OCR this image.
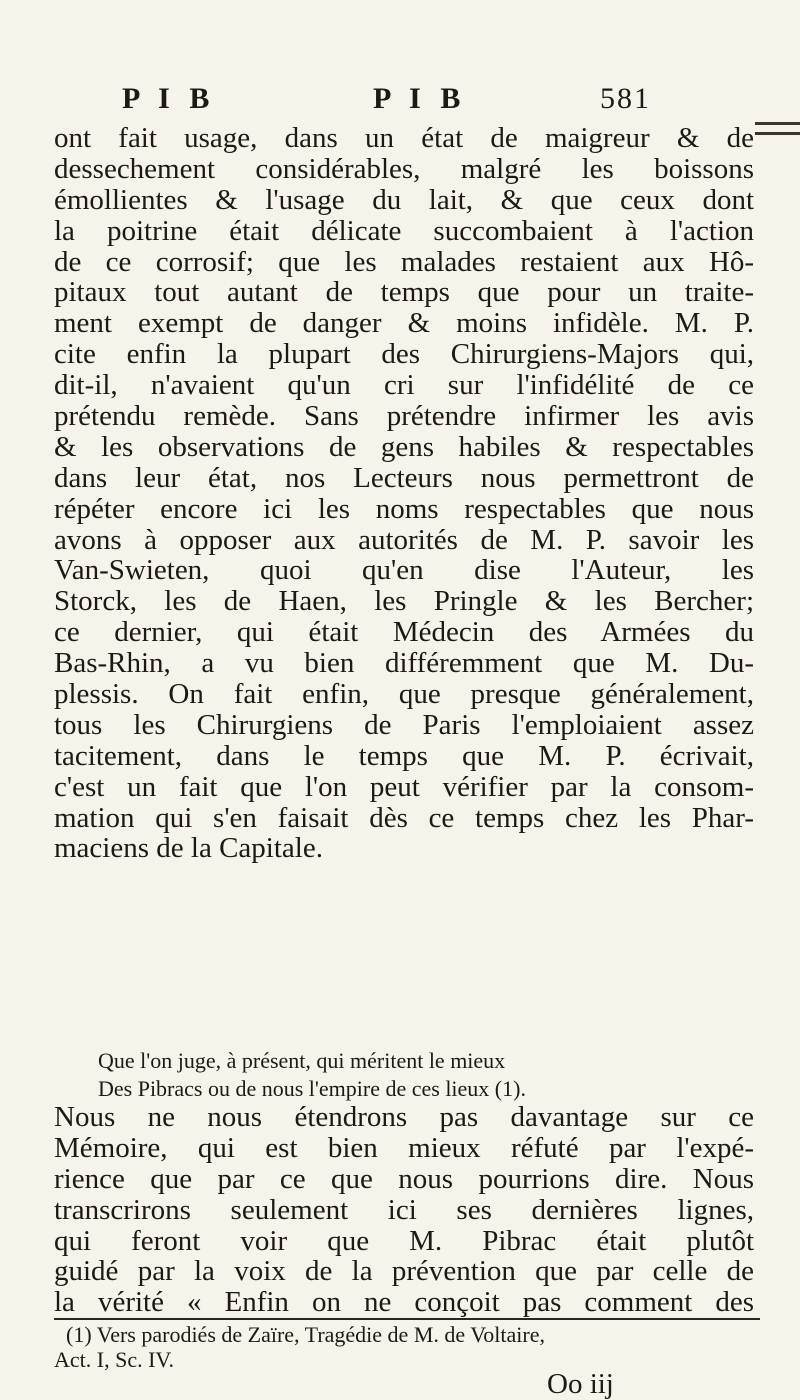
P I B	P I B	581
ont fait usage, dans un état de maigreur & de
dessechement considérables, malgré les boissons
émollientes & l'usage du lait, & que ceux dont
la poitrine était délicate succombaient à l'action
de ce corrosif; que les malades restaient aux Hô-
pitaux tout autant de temps que pour un traite-
ment exempt de danger & moins infidèle. M. P.
cite enfin la plupart des Chirurgiens-Majors qui,
dit-il, n'avaient qu'un cri sur l'infidélité de ce
prétendu remède. Sans prétendre infirmer les avis
& les observations de gens habiles & respectables
dans leur état, nos Lecteurs nous permettront de
répéter encore ici les noms respectables que nous
avons à opposer aux autorités de M. P. savoir les
Van-Swieten, quoi qu'en dise l'Auteur, les
Storck, les de Haen, les Pringle & les Bercher;
ce dernier, qui était Médecin des Armées du
Bas-Rhin, a vu bien différemment que M. Du-
plessis. On fait enfin, que presque généralement,
tous les Chirurgiens de Paris l'emploiaient assez
tacitement, dans le temps que M. P. écrivait,
c'est un fait que l'on peut vérifier par la consom-
mation qui s'en faisait dès ce temps chez les Phar-
maciens de la Capitale.
Que l'on juge, à présent, qui méritent le mieux
Des Pibracs ou de nous l'empire de ces lieux (1).
Nous ne nous étendrons pas davantage sur ce
Mémoire, qui est bien mieux réfuté par l'expé-
rience que par ce que nous pourrions dire. Nous
transcrirons seulement ici ses dernières lignes,
qui feront voir que M. Pibrac était plutôt
guidé par la voix de la prévention que par celle de
la vérité « Enfin on ne conçoit pas comment des
(1) Vers parodiés de Zaïre, Tragédie de M. de Voltaire,
Act. I, Sc. IV.
Oo iij
